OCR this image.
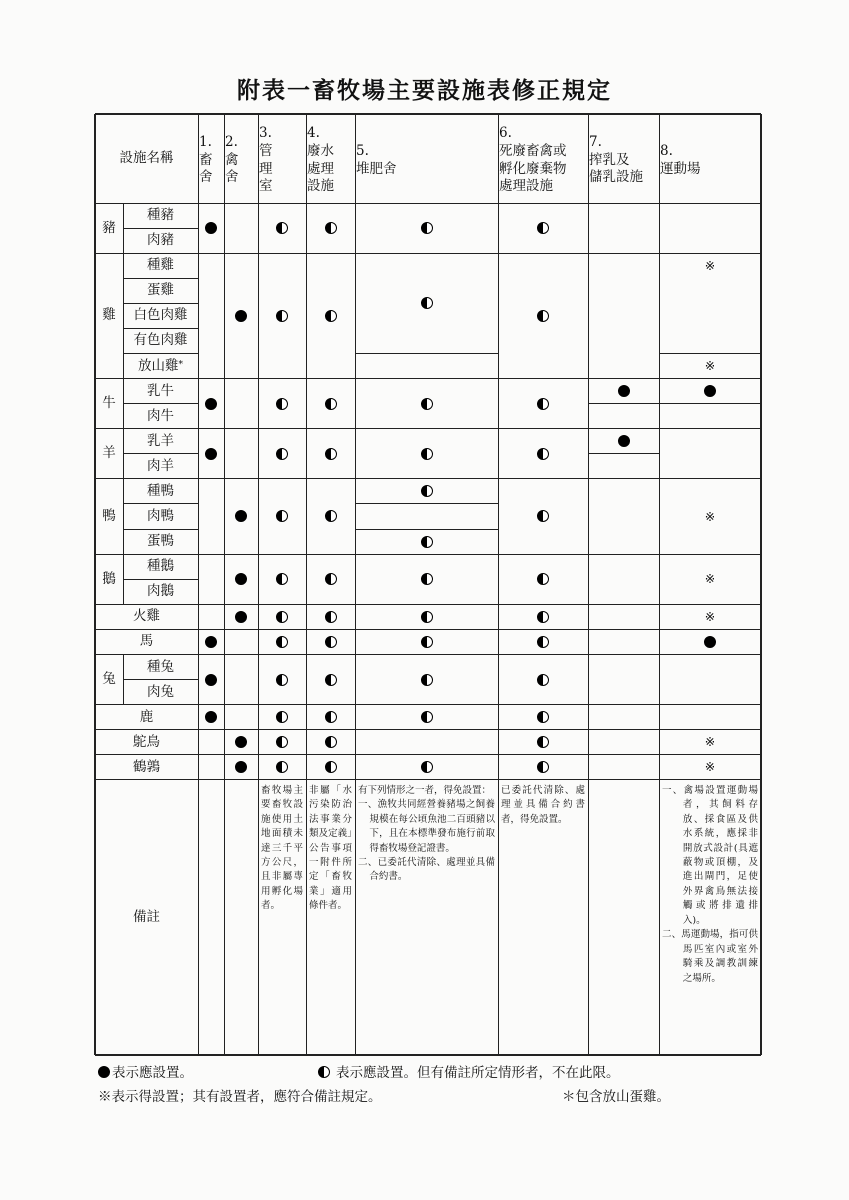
附表一畜牧場主要設施表修正規定
設施名稱
1.
畜
舍
2.
禽
舍
3.
管
理
室
4.
廢水
處理
設施
5.
堆肥舍
6.
死廢畜禽或
孵化廢棄物
處理設施
7.
搾乳及
儲乳設施
8.
運動場
豬
雞
牛
羊
鴨
鵝
兔
種豬
肉豬
種雞
蛋雞
白色肉雞
有色肉雞
放山雞 *
乳牛
肉牛
乳羊
肉羊
種鴨
肉鴨
蛋鴨
種鵝
肉鵝
火雞
馬
種兔
肉兔
鹿
鴕鳥
鶴鶉
※
※
※
※
※
※
※
備註
畜牧場主要畜牧設施使用土地面積未達三千平方公尺，且非屬專用孵化場者。
非屬「水污染防治法事業分類及定義」公告事項一附件所定「畜牧業」適用條件者。
有下列情形之一者，得免設置：
一、漁牧共同經營養豬場之飼養規模在每公頃魚池二百頭豬以下，且在本標準發布施行前取得畜牧場登記證書。
二、已委託代清除、處理並具備合約書。
已委託代清除、處理並具備合約書者，得免設置。
一、禽場設置運動場者，其飼料存放、採食區及供水系統，應採非開放式設計(具遮蔽物或頂棚，及進出閘門，足使外界禽鳥無法接觸或將排遺排入)。
二、馬運動場，指可供馬匹室內或室外騎乘及調教訓練之場所。
表示應設置。	表示應設置。但有備註所定情形者，不在此限。
※表示得設置；其有設置者，應符合備註規定。	＊包含放山蛋雞。
